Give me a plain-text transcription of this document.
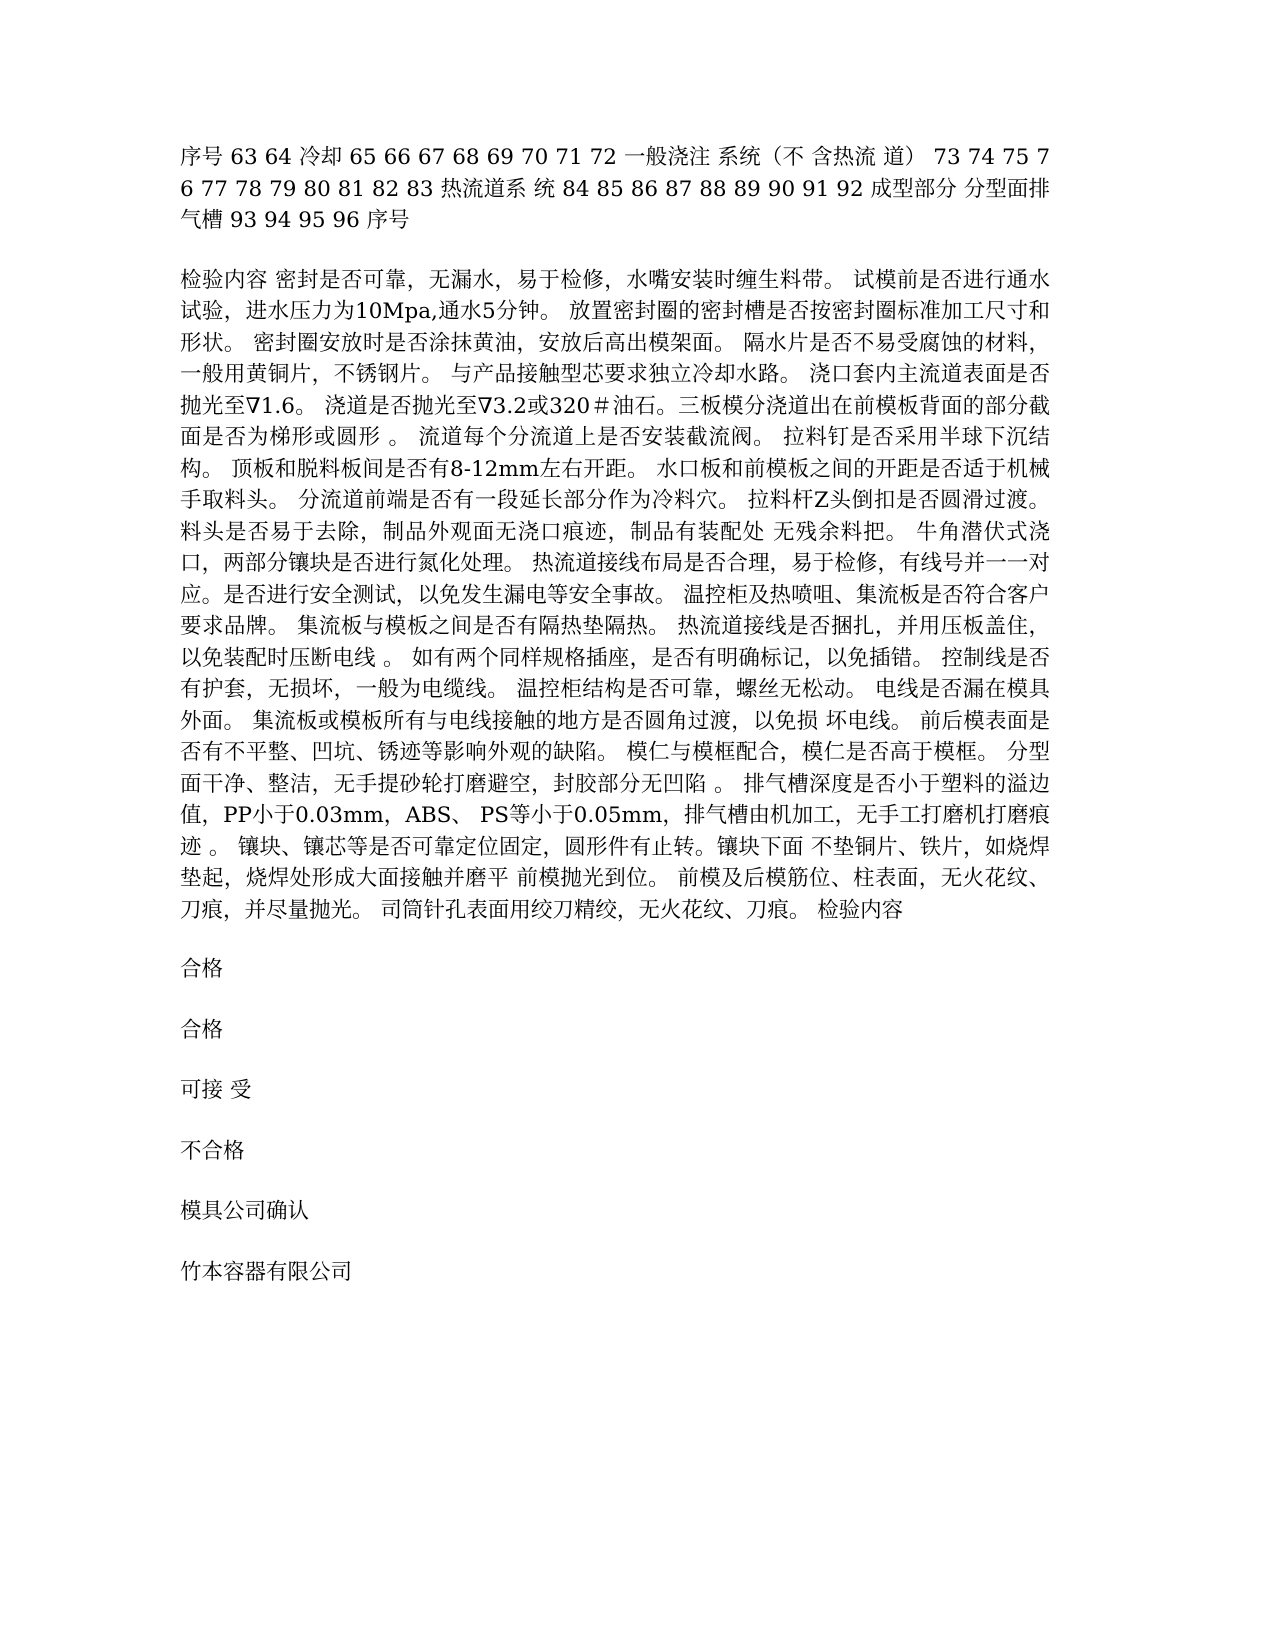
序号 63 64 冷却 65 66 67 68 69 70 71 72 一般浇注 系统（不 含热流 道） 73 74 75 76 77 78 79 80 81 82 83 热流道系 统 84 85 86 87 88 89 90 91 92 成型部分 分型面排气槽 93 94 95 96 序号

检验内容 密封是否可靠，无漏水，易于检修，水嘴安装时缠生料带。 试模前是否进行通水试验，进水压力为10Mpa,通水5分钟。 放置密封圈的密封槽是否按密封圈标准加工尺寸和形状。 密封圈安放时是否涂抹黄油，安放后高出模架面。 隔水片是否不易受腐蚀的材料，一般用黄铜片，不锈钢片。 与产品接触型芯要求独立冷却水路。 浇口套内主流道表面是否抛光至∇1.6。 浇道是否抛光至∇3.2或320＃油石。三板模分浇道出在前模板背面的部分截面是否为梯形或圆形 。 流道每个分流道上是否安装截流阀。 拉料钉是否采用半球下沉结构。 顶板和脱料板间是否有8-12mm左右开距。 水口板和前模板之间的开距是否适于机械手取料头。 分流道前端是否有一段延长部分作为冷料穴。 拉料杆Z头倒扣是否圆滑过渡。 料头是否易于去除，制品外观面无浇口痕迹，制品有装配处 无残余料把。 牛角潜伏式浇口，两部分镶块是否进行氮化处理。 热流道接线布局是否合理，易于检修，有线号并一一对应。是否进行安全测试，以免发生漏电等安全事故。 温控柜及热喷咀、集流板是否符合客户要求品牌。 集流板与模板之间是否有隔热垫隔热。 热流道接线是否捆扎，并用压板盖住，以免装配时压断电线 。 如有两个同样规格插座，是否有明确标记，以免插错。 控制线是否有护套，无损坏，一般为电缆线。 温控柜结构是否可靠，螺丝无松动。 电线是否漏在模具外面。 集流板或模板所有与电线接触的地方是否圆角过渡，以免损 坏电线。 前后模表面是否有不平整、凹坑、锈迹等影响外观的缺陷。 模仁与模框配合，模仁是否高于模框。 分型面干净、整洁，无手提砂轮打磨避空，封胶部分无凹陷 。 排气槽深度是否小于塑料的溢边值，PP小于0.03mm，ABS、 PS等小于0.05mm，排气槽由机加工，无手工打磨机打磨痕迹 。 镶块、镶芯等是否可靠定位固定，圆形件有止转。镶块下面 不垫铜片、铁片，如烧焊垫起，烧焊处形成大面接触并磨平 前模抛光到位。 前模及后模筋位、柱表面，无火花纹、刀痕，并尽量抛光。 司筒针孔表面用绞刀精绞，无火花纹、刀痕。 检验内容

合格
合格
可接 受
不合格
模具公司确认
竹本容器有限公司
